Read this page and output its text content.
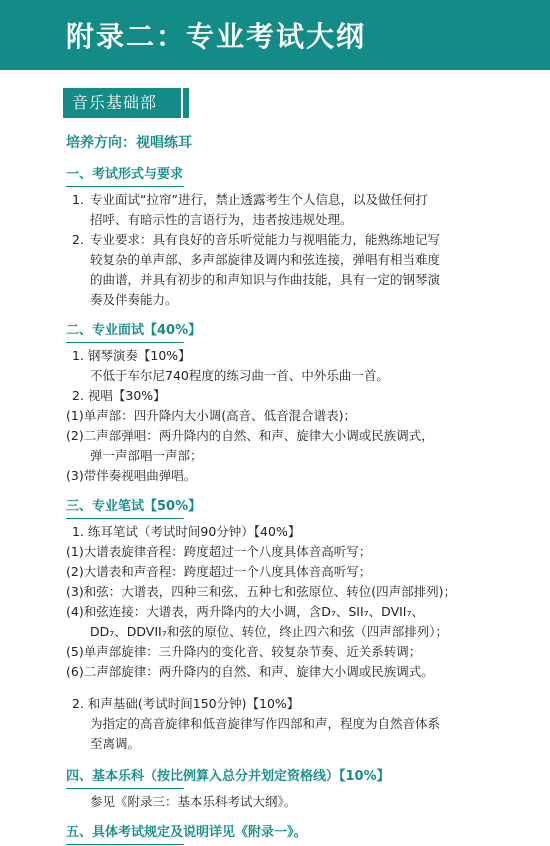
附录二：专业考试大纲
音乐基础部
培养方向：视唱练耳
一、考试形式与要求
1. 专业面试“拉帘”进行，禁止透露考生个人信息，以及做任何打
招呼、有暗示性的言语行为，违者按违规处理。
2. 专业要求：具有良好的音乐听觉能力与视唱能力，能熟练地记写
较复杂的单声部、多声部旋律及调内和弦连接，弹唱有相当难度
的曲谱，并具有初步的和声知识与作曲技能，具有一定的钢琴演
奏及伴奏能力。
二、专业面试【40%】
1. 钢琴演奏【10%】
不低于车尔尼740程度的练习曲一首、中外乐曲一首。
2. 视唱【30%】
(1)单声部：四升降内大小调(高音、低音混合谱表)；
(2)二声部弹唱：两升降内的自然、和声、旋律大小调或民族调式，
弹一声部唱一声部；
(3)带伴奏视唱曲弹唱。
三、专业笔试【50%】
1. 练耳笔试（考试时间90分钟）【40%】
(1)大谱表旋律音程：跨度超过一个八度具体音高听写；
(2)大谱表和声音程：跨度超过一个八度具体音高听写；
(3)和弦：大谱表，四种三和弦、五种七和弦原位、转位(四声部排列)；
(4)和弦连接：大谱表，两升降内的大小调，含D₇、SII₇、DVII₇、
DD₇、DDVII₇和弦的原位、转位，终止四六和弦（四声部排列）；
(5)单声部旋律：三升降内的变化音、较复杂节奏、近关系转调；
(6)二声部旋律：两升降内的自然、和声、旋律大小调或民族调式。
2. 和声基础(考试时间150分钟)【10%】
为指定的高音旋律和低音旋律写作四部和声，程度为自然音体系
至离调。
四、基本乐科（按比例算入总分并划定资格线）【10%】
参见《附录三：基本乐科考试大纲》。
五、具体考试规定及说明详见《附录一》。
